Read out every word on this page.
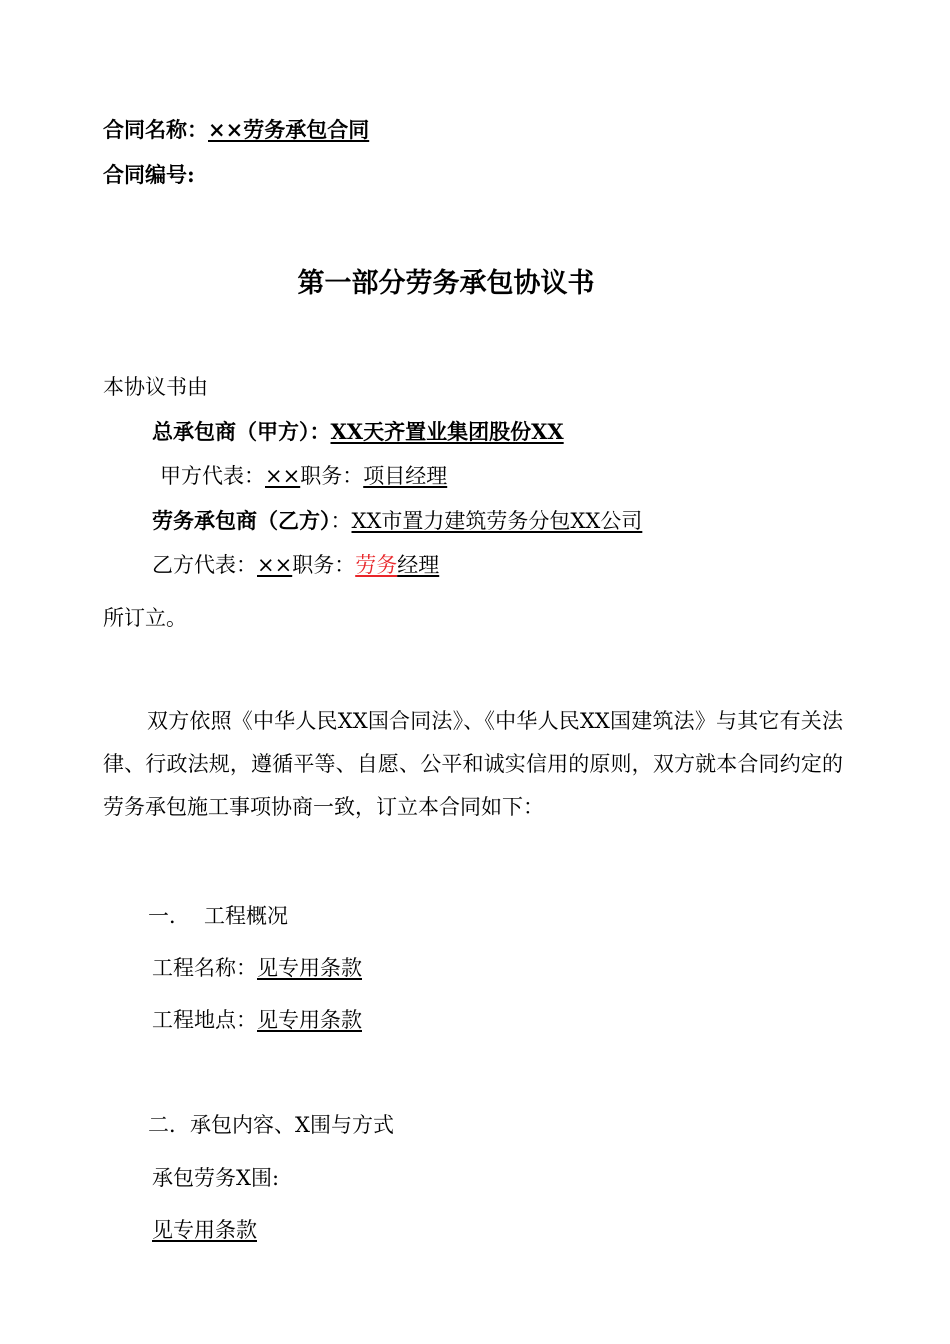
合同名称：××劳务承包合同
合同编号:
第一部分劳务承包协议书
本协议书由
总承包商（甲方）：XX天齐置业集团股份XX
甲方代表：××职务：项目经理
劳务承包商（乙方）：XX市置力建筑劳务分包XX公司
乙方代表：××职务：劳务经理
所订立。
双方依照《中华人民XX国合同法》、《中华人民XX国建筑法》与其它有关法律、行政法规，遵循平等、自愿、公平和诚实信用的原则，双方就本合同约定的劳务承包施工事项协商一致，订立本合同如下：
一． 工程概况
工程名称：见专用条款
工程地点：见专用条款
二．承包内容、X围与方式
承包劳务X围:
见专用条款
